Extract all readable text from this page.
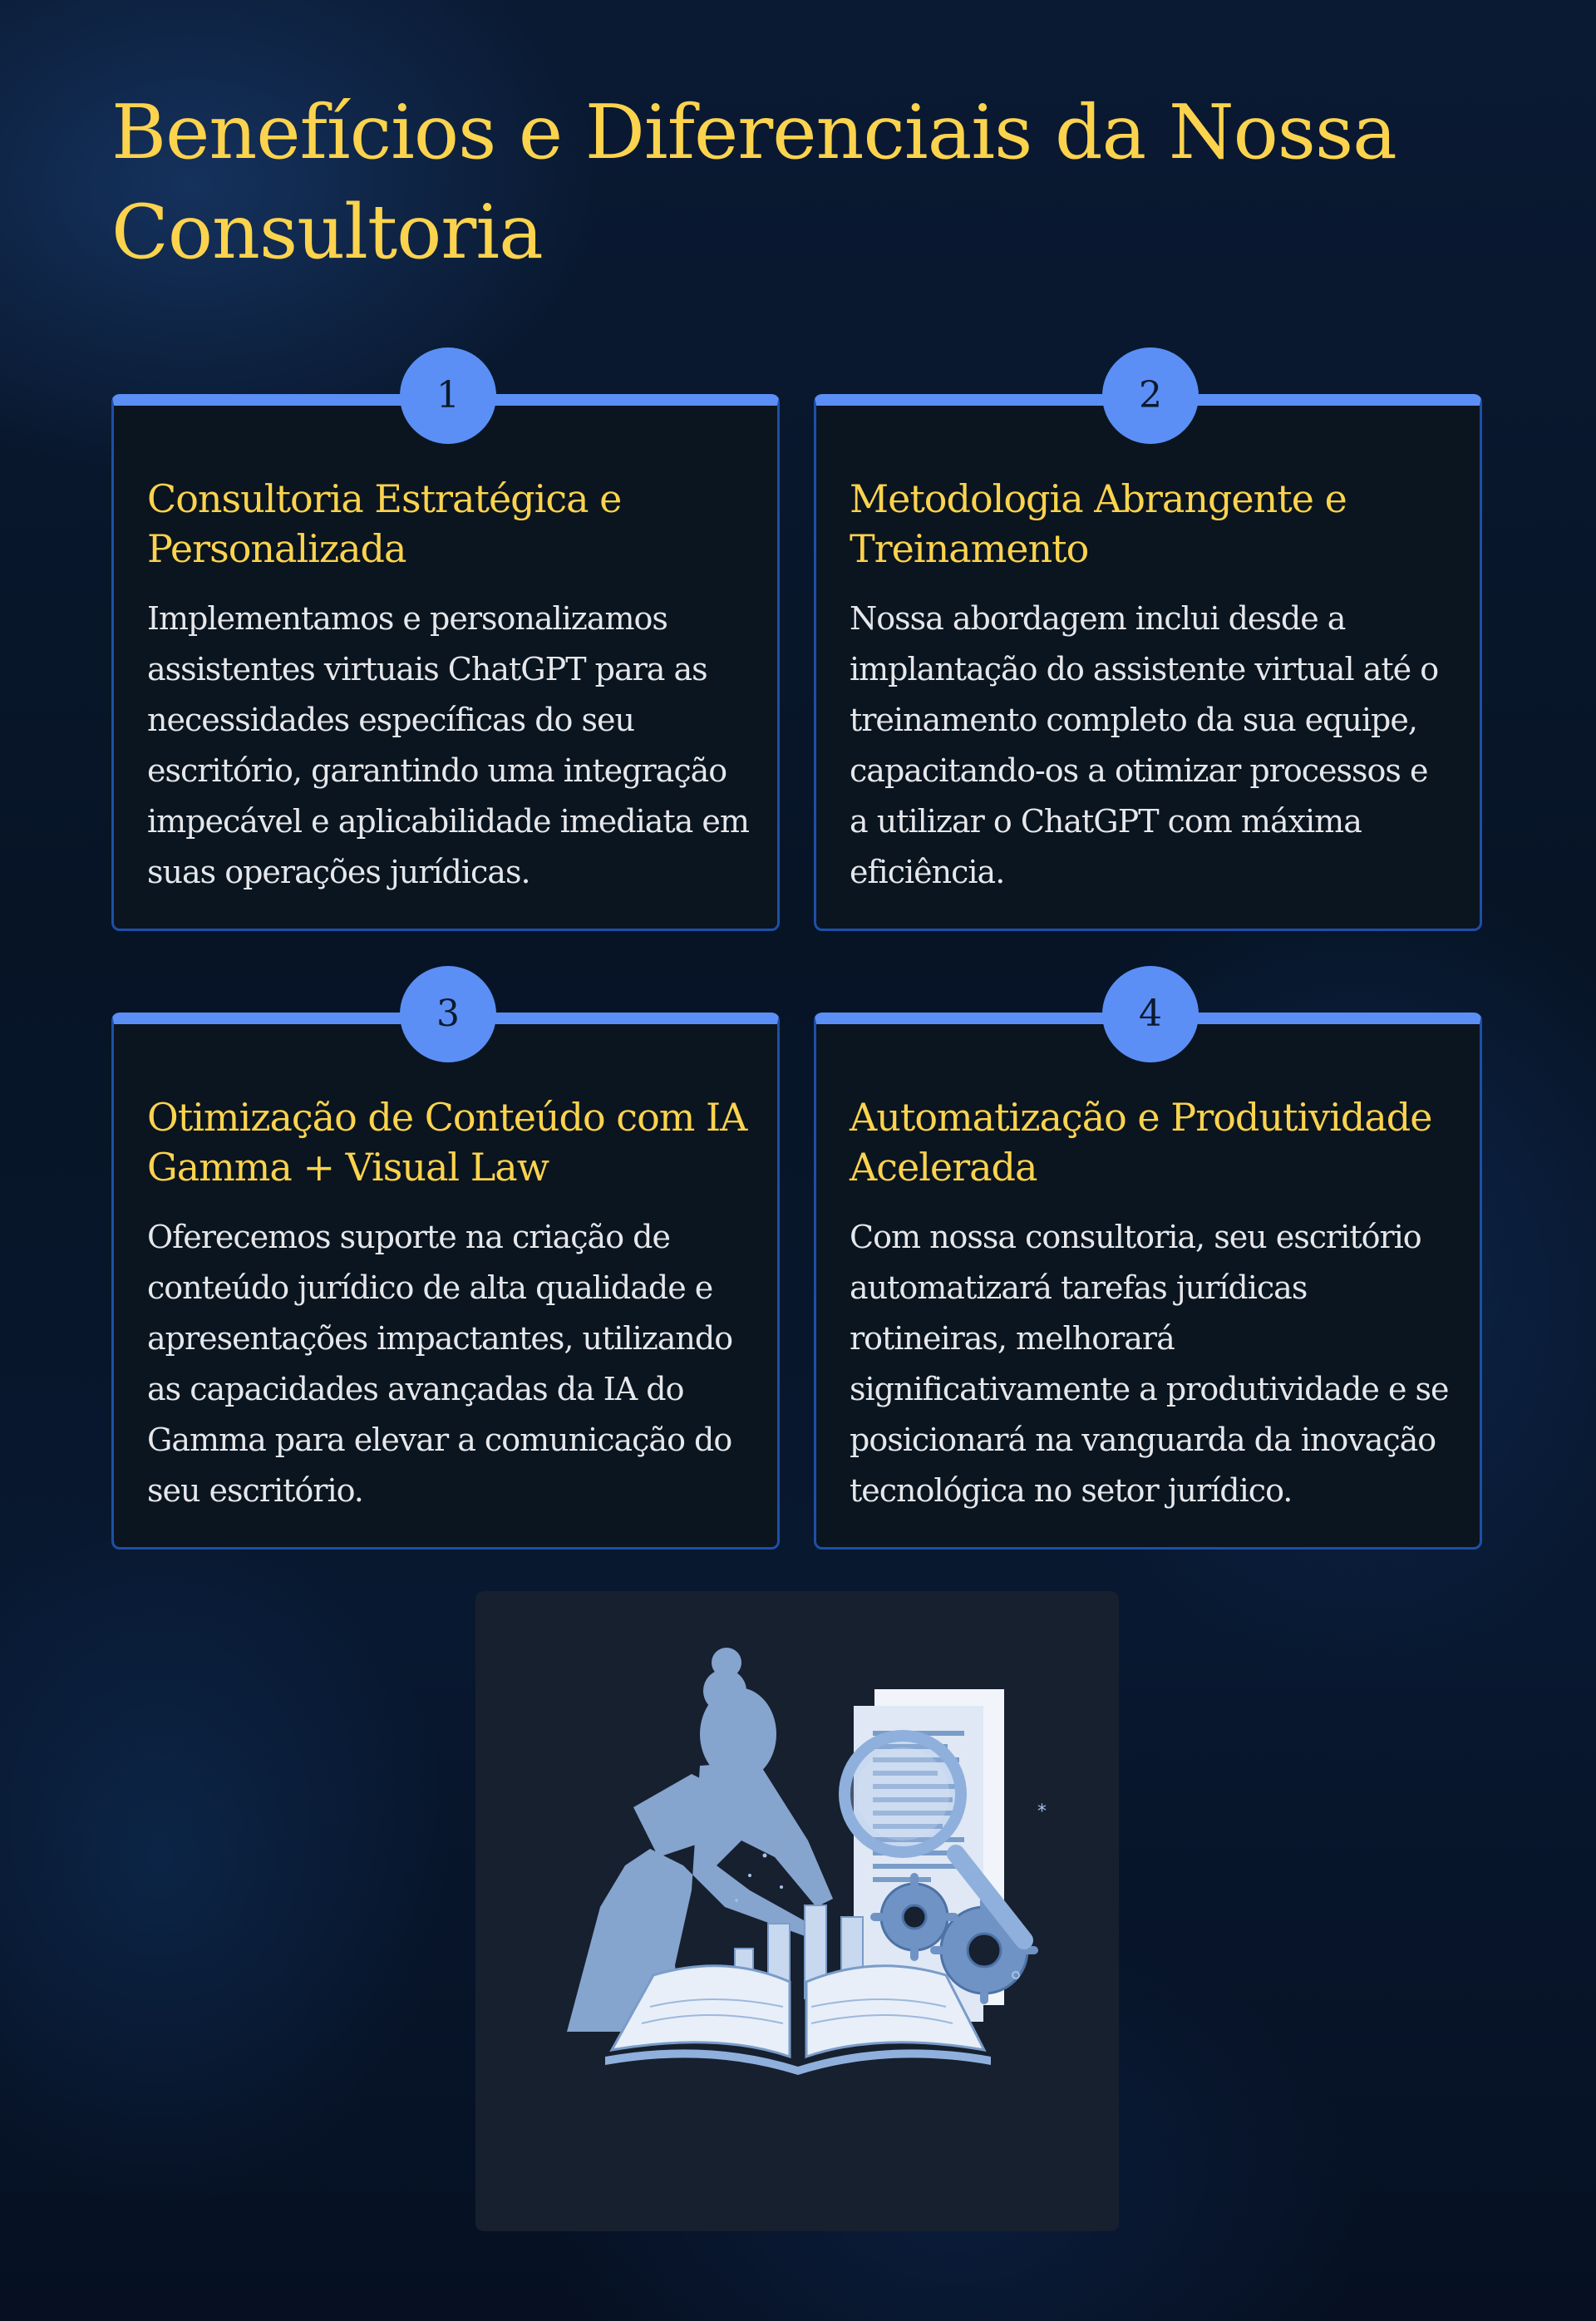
Benefícios e Diferenciais da Nossa Consultoria
1
Consultoria Estratégica e Personalizada

Implementamos e personalizamos assistentes virtuais ChatGPT para as necessidades específicas do seu escritório, garantindo uma integração impecável e aplicabilidade imediata em suas operações jurídicas.

2
Metodologia Abrangente e Treinamento

Nossa abordagem inclui desde a implantação do assistente virtual até o treinamento completo da sua equipe, capacitando-os a otimizar processos e a utilizar o ChatGPT com máxima eficiência.

3
Otimização de Conteúdo com IA Gamma + Visual Law

Oferecemos suporte na criação de conteúdo jurídico de alta qualidade e apresentações impactantes, utilizando as capacidades avançadas da IA do Gamma para elevar a comunicação do seu escritório.

4
Automatização e Produtividade Acelerada

Com nossa consultoria, seu escritório automatizará tarefas jurídicas rotineiras, melhorará significativamente a produtividade e se posicionará na vanguarda da inovação tecnológica no setor jurídico.

*
